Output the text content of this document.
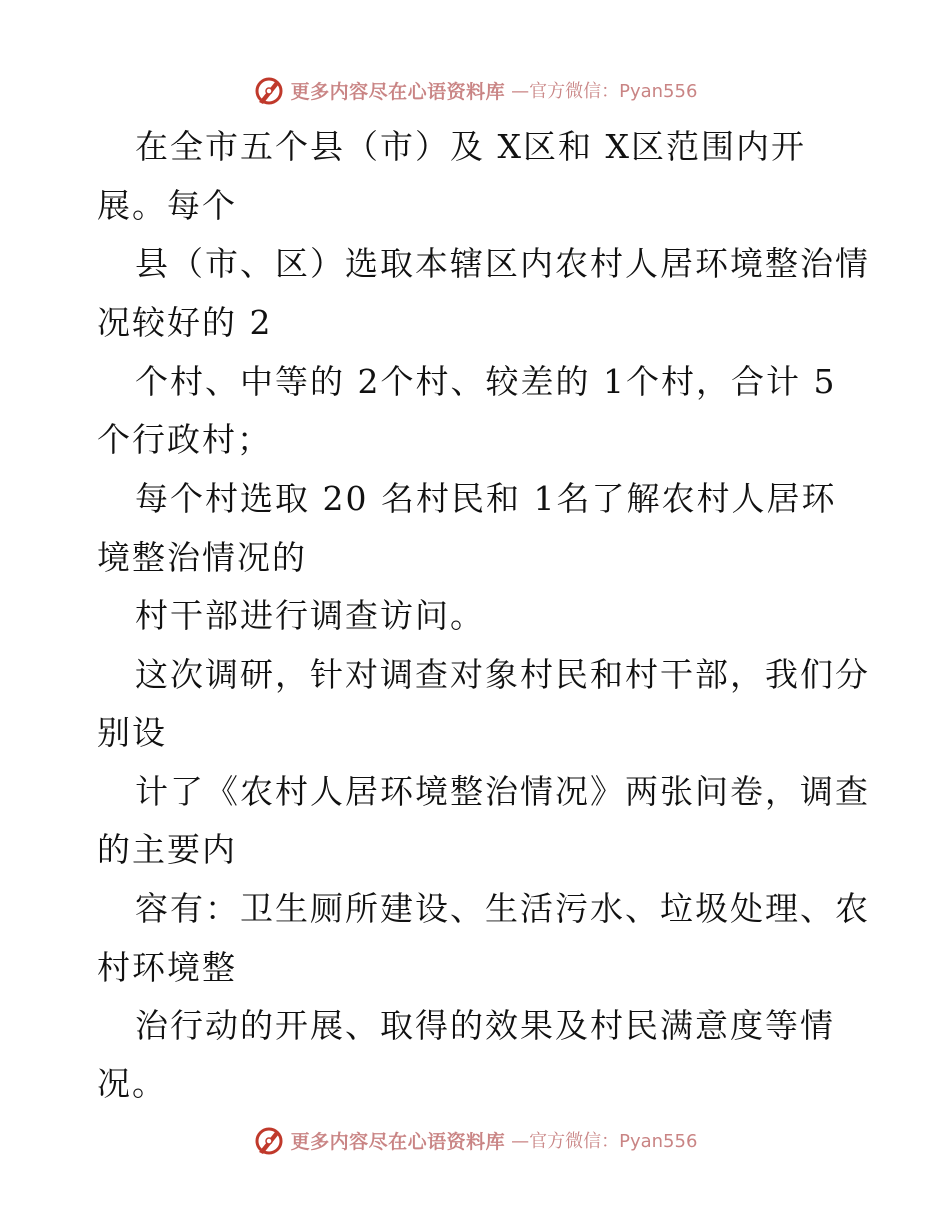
更多内容尽在心语资料库 —官方微信：Pyan556
在全市五个县（市）及 X区和 X区范围内开
展。每个
县（市、区）选取本辖区内农村人居环境整治情
况较好的 2
个村、中等的 2个村、较差的 1个村，合计 5
个行政村；
每个村选取 20 名村民和 1名了解农村人居环
境整治情况的
村干部进行调查访问。
这次调研，针对调查对象村民和村干部，我们分
别设
计了《农村人居环境整治情况》两张问卷，调查
的主要内
容有：卫生厕所建设、生活污水、垃圾处理、农
村环境整
治行动的开展、取得的效果及村民满意度等情
况。
更多内容尽在心语资料库 —官方微信：Pyan556
